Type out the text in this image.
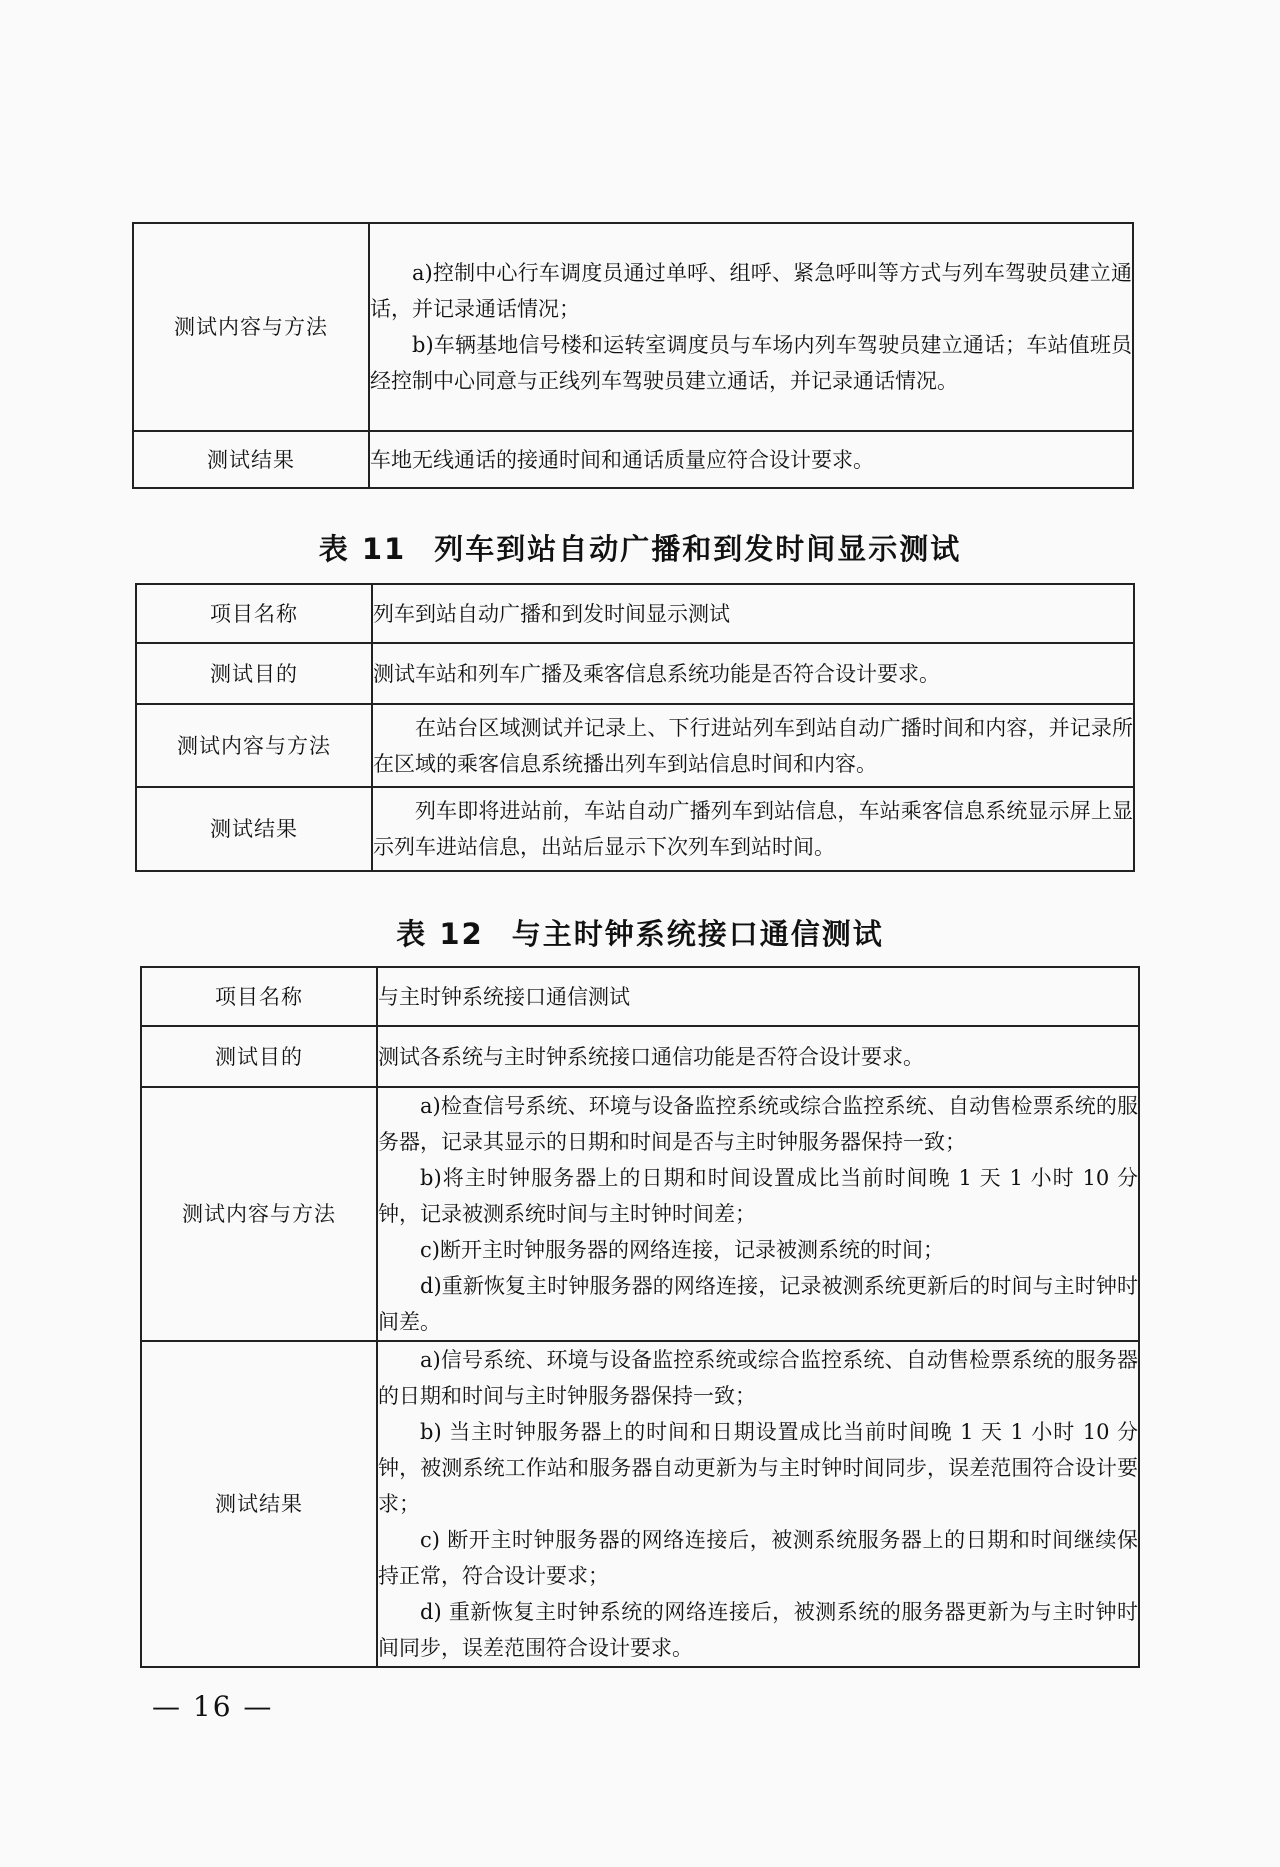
测试内容与方法	a)控制中心行车调度员通过单呼、组呼、紧急呼叫等方式与列车驾驶员建立通话，并记录通话情况；

b)车辆基地信号楼和运转室调度员与车场内列车驾驶员建立通话；车站值班员经控制中心同意与正线列车驾驶员建立通话，并记录通话情况。

测试结果	车地无线通话的接通时间和通话质量应符合设计要求。

表 11 列车到站自动广播和到发时间显示测试
项目名称	列车到站自动广播和到发时间显示测试

测试目的	测试车站和列车广播及乘客信息系统功能是否符合设计要求。

测试内容与方法	在站台区域测试并记录上、下行进站列车到站自动广播时间和内容，并记录所在区域的乘客信息系统播出列车到站信息时间和内容。

测试结果	列车即将进站前，车站自动广播列车到站信息，车站乘客信息系统显示屏上显示列车进站信息，出站后显示下次列车到站时间。

表 12 与主时钟系统接口通信测试
项目名称	与主时钟系统接口通信测试

测试目的	测试各系统与主时钟系统接口通信功能是否符合设计要求。

测试内容与方法	a)检查信号系统、环境与设备监控系统或综合监控系统、自动售检票系统的服务器，记录其显示的日期和时间是否与主时钟服务器保持一致；

b)将主时钟服务器上的日期和时间设置成比当前时间晚 1 天 1 小时 10 分钟，记录被测系统时间与主时钟时间差；

c)断开主时钟服务器的网络连接，记录被测系统的时间；

d)重新恢复主时钟服务器的网络连接，记录被测系统更新后的时间与主时钟时间差。

测试结果	a)信号系统、环境与设备监控系统或综合监控系统、自动售检票系统的服务器的日期和时间与主时钟服务器保持一致；

b) 当主时钟服务器上的时间和日期设置成比当前时间晚 1 天 1 小时 10 分钟，被测系统工作站和服务器自动更新为与主时钟时间同步，误差范围符合设计要求；

c) 断开主时钟服务器的网络连接后，被测系统服务器上的日期和时间继续保持正常，符合设计要求；

d) 重新恢复主时钟系统的网络连接后，被测系统的服务器更新为与主时钟时间同步，误差范围符合设计要求。

— 16 —
